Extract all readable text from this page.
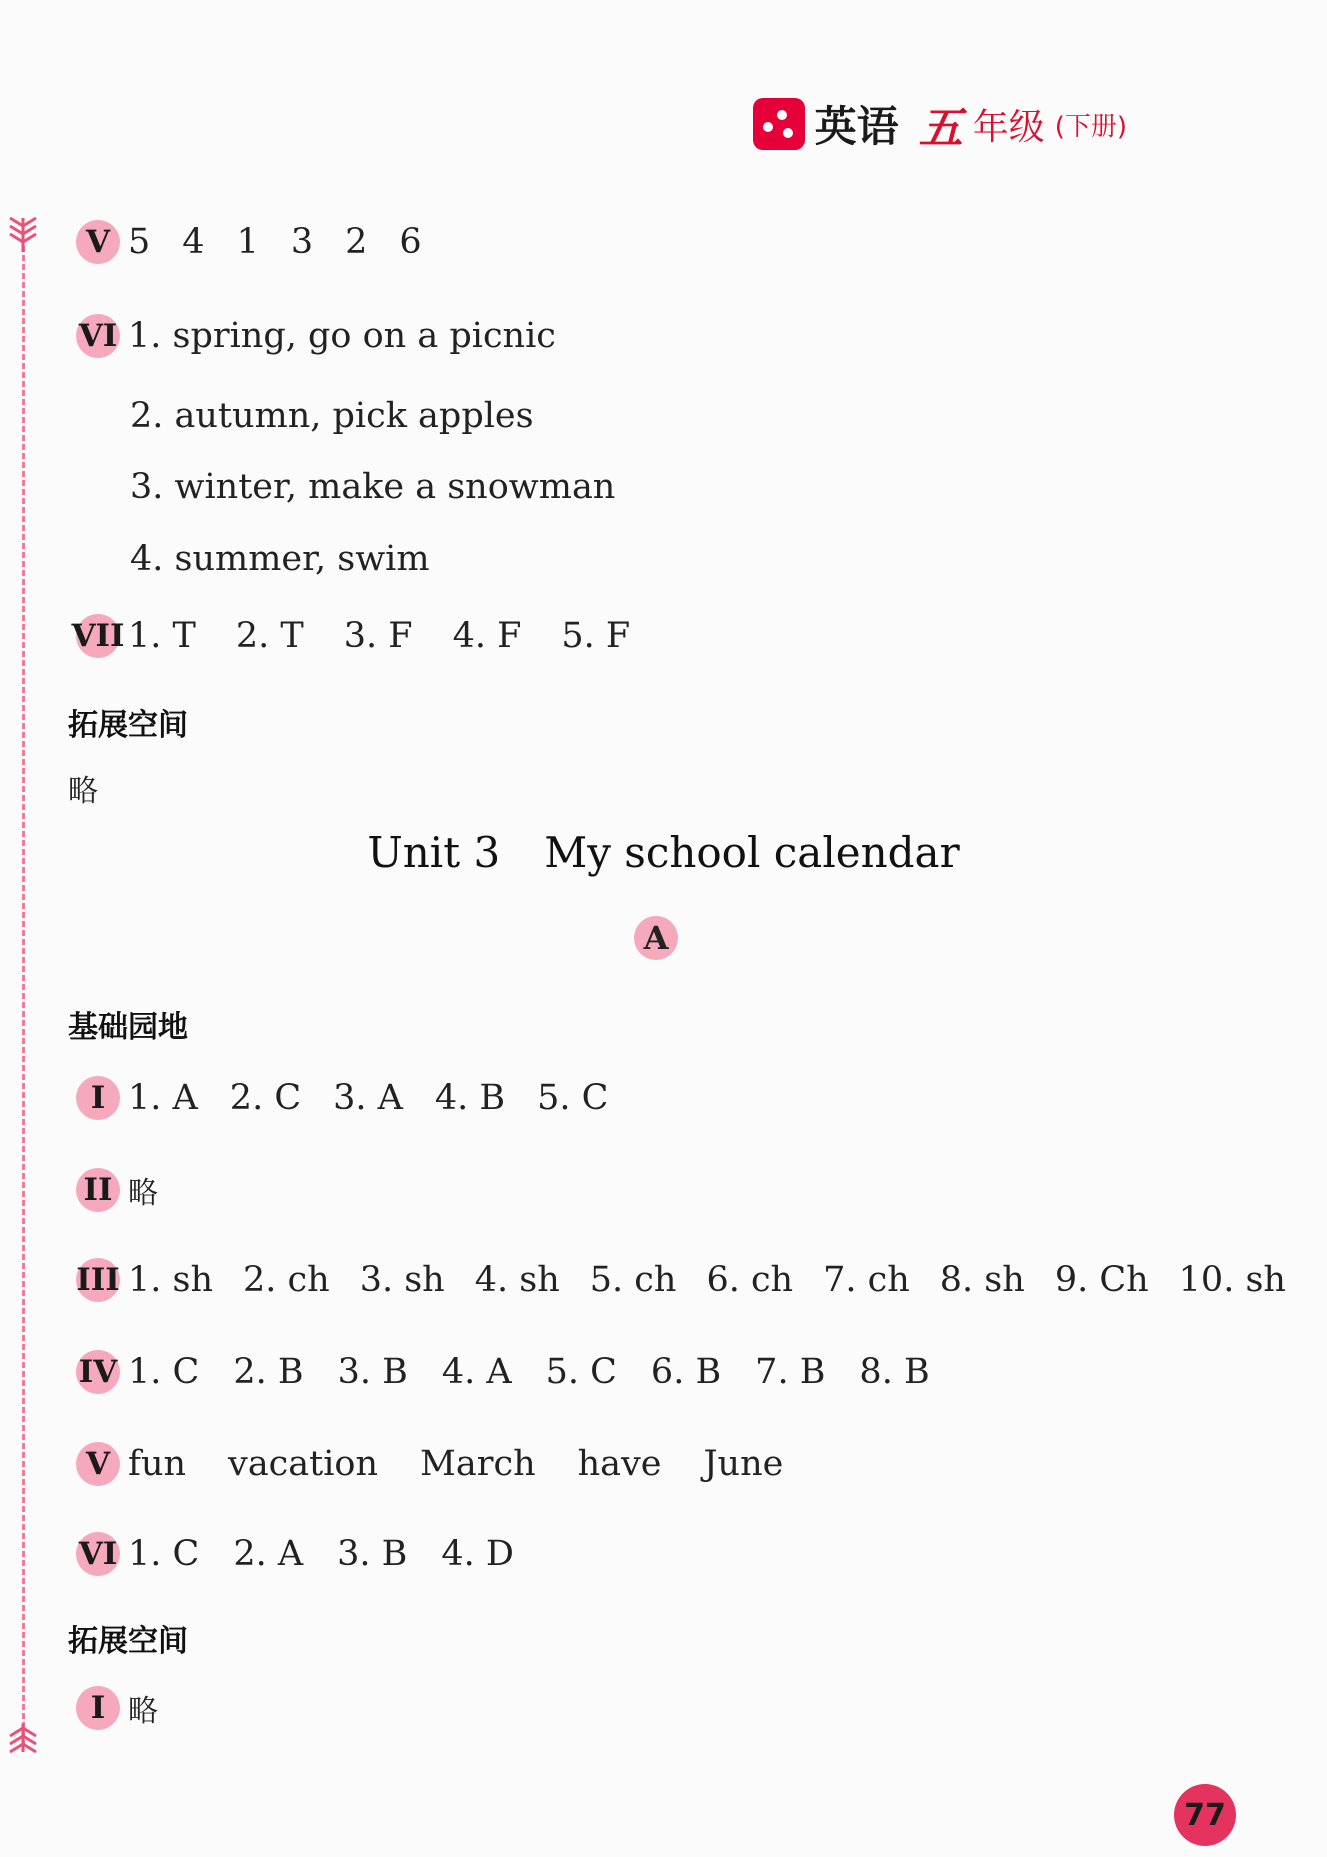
英语 五 年级 (下册)
V 5 4 1 3 2 6
VI 1. spring, go on a picnic
2. autumn, pick apples
3. winter, make a snowman
4. summer, swim
VII 1. T 2. T 3. F 4. F 5. F
拓展空间
略
Unit 3 My school calendar
A
基础园地
I 1. A 2. C 3. A 4. B 5. C
II 略
III 1. sh 2. ch 3. sh 4. sh 5. ch 6. ch 7. ch 8. sh 9. Ch 10. sh
IV 1. C 2. B 3. B 4. A 5. C 6. B 7. B 8. B
V fun vacation March have June
VI 1. C 2. A 3. B 4. D
拓展空间
I 略
77
